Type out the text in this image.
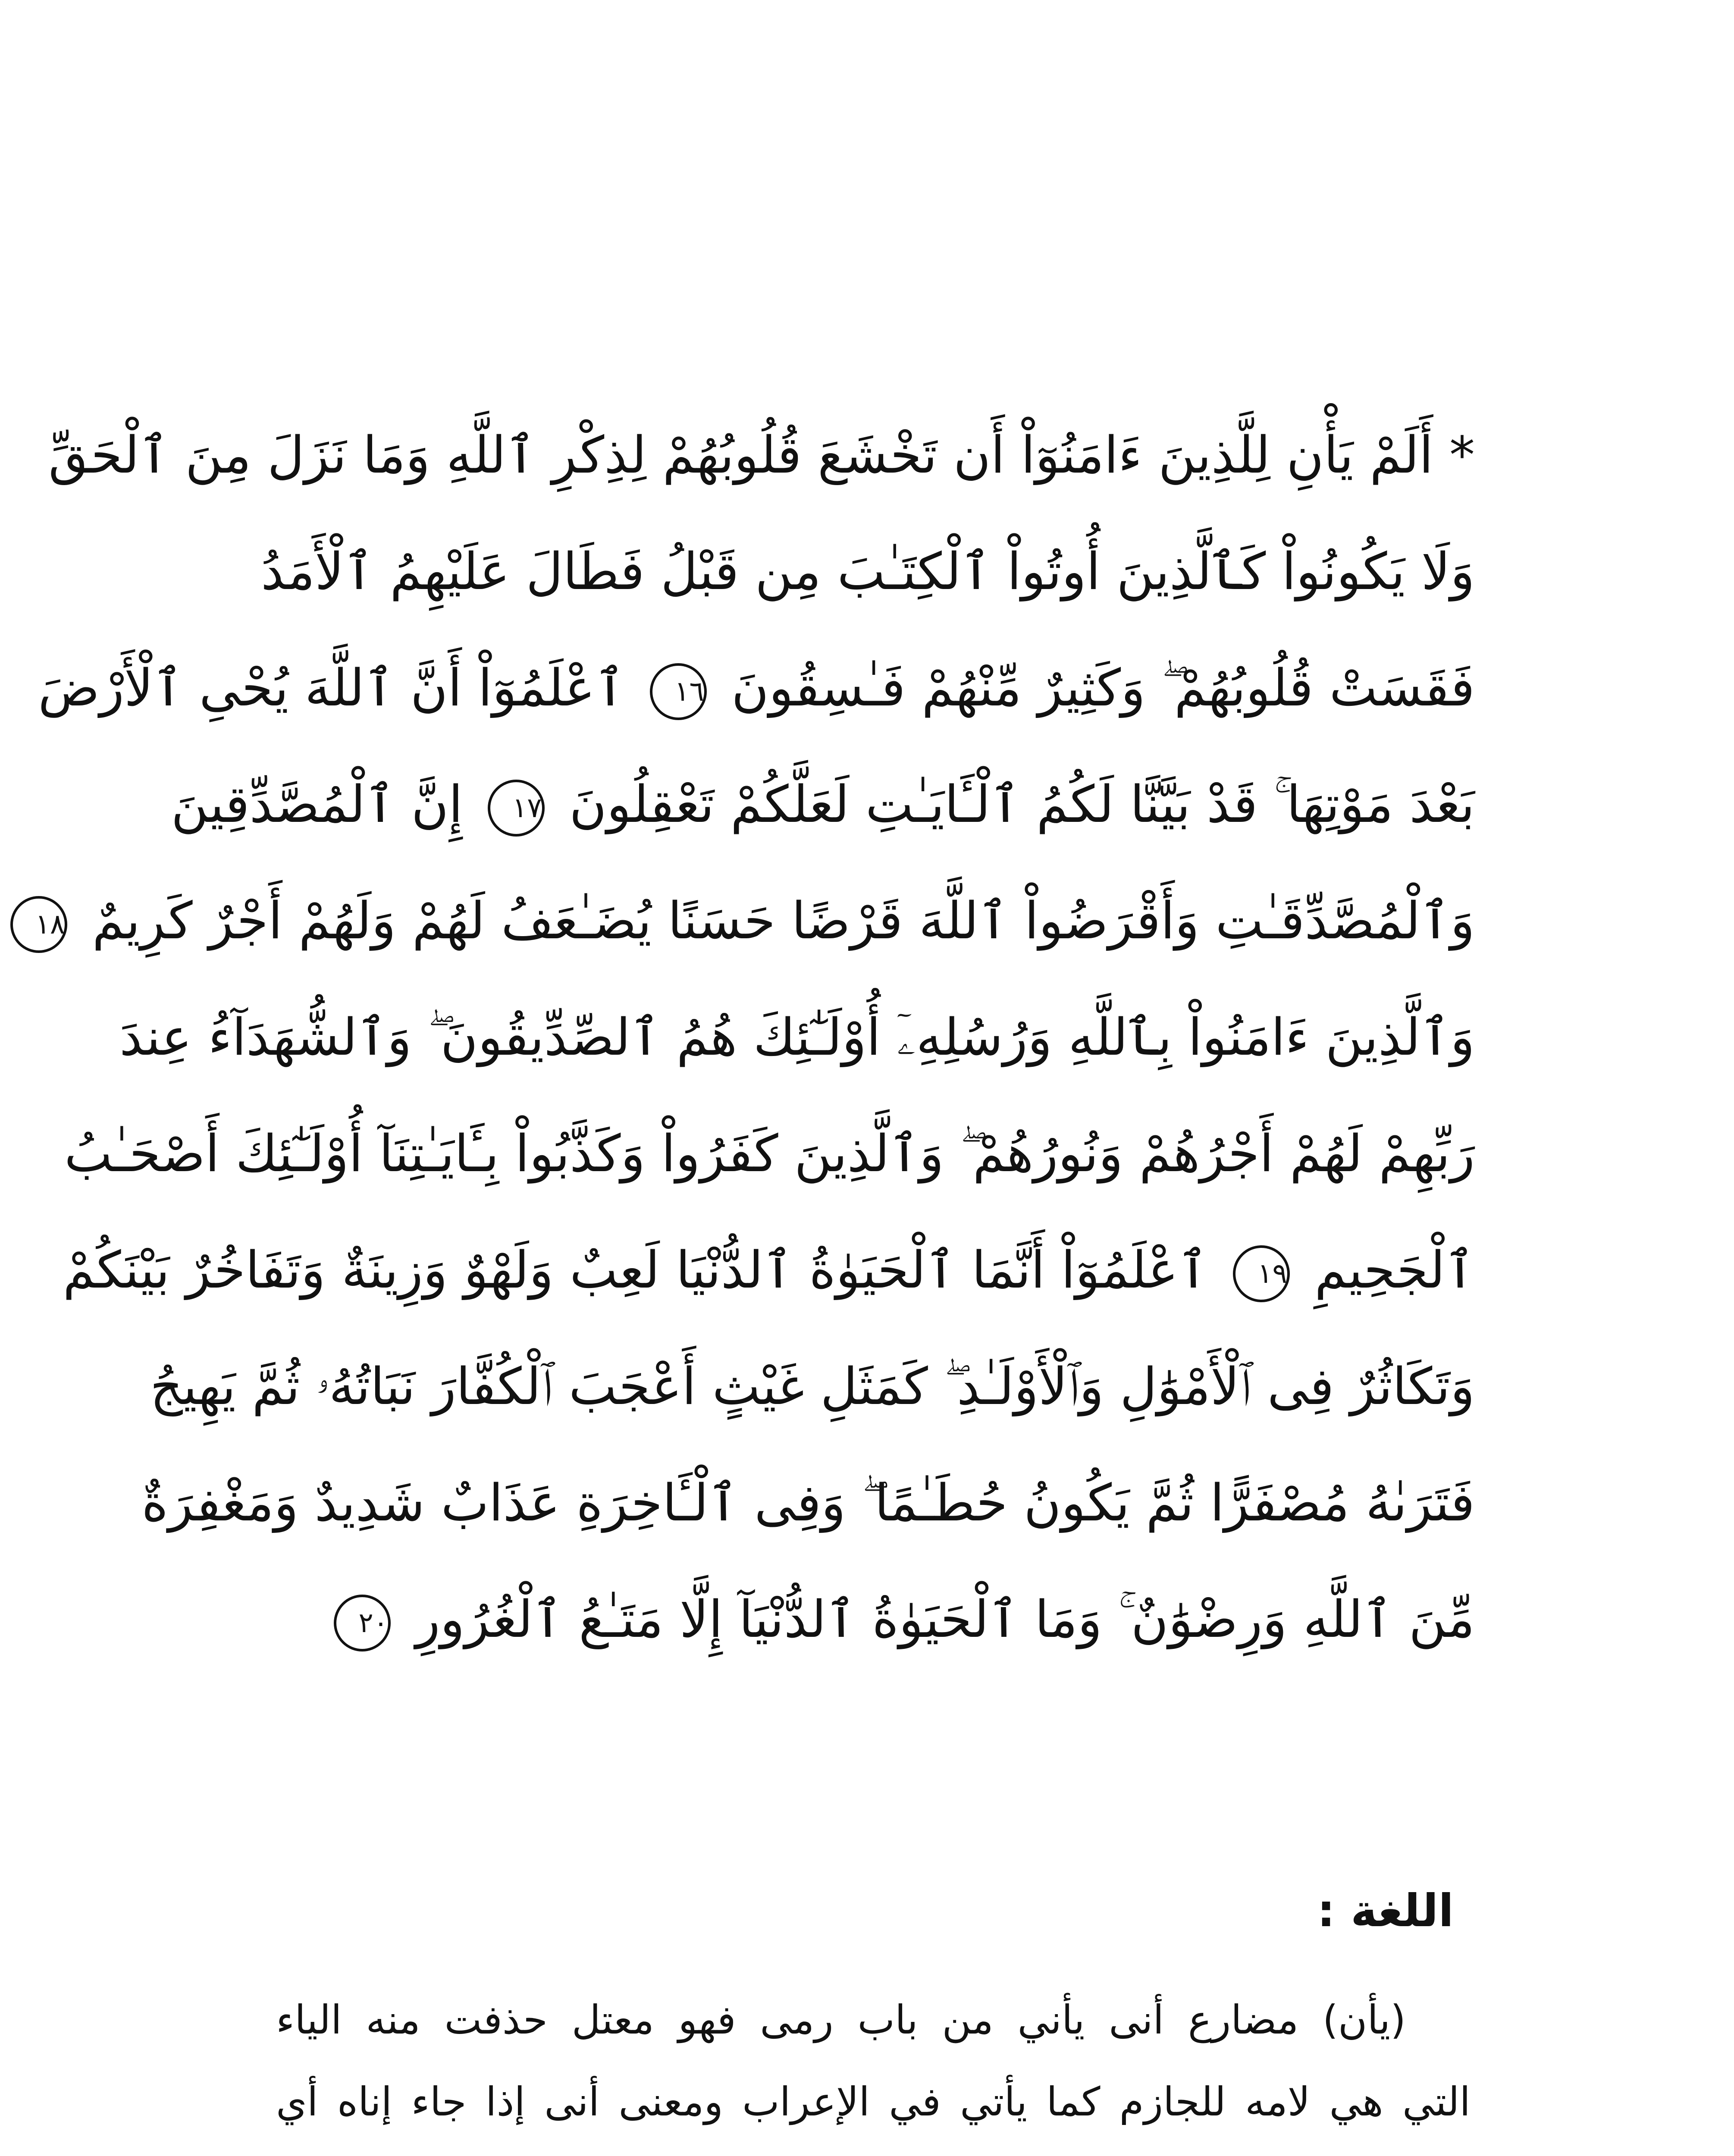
* أَلَمْ يَأْنِ لِلَّذِينَ ءَامَنُوٓاْ أَن تَخْشَعَ قُلُوبُهُمْ لِذِكْرِ ٱللَّهِ وَمَا نَزَلَ مِنَ ٱلْحَقِّ
وَلَا يَكُونُواْ كَٱلَّذِينَ أُوتُواْ ٱلْكِتَـٰبَ مِن قَبْلُ فَطَالَ عَلَيْهِمُ ٱلْأَمَدُ
فَقَسَتْ قُلُوبُهُمْ ۖ وَكَثِيرٌ مِّنْهُمْ فَـٰسِقُونَ ١٦ ٱعْلَمُوٓاْ أَنَّ ٱللَّهَ يُحْىِ ٱلْأَرْضَ
بَعْدَ مَوْتِهَا ۚ قَدْ بَيَّنَّا لَكُمُ ٱلْـَٔايَـٰتِ لَعَلَّكُمْ تَعْقِلُونَ ١٧ إِنَّ ٱلْمُصَّدِّقِينَ
وَٱلْمُصَّدِّقَـٰتِ وَأَقْرَضُواْ ٱللَّهَ قَرْضًا حَسَنًا يُضَـٰعَفُ لَهُمْ وَلَهُمْ أَجْرٌ كَرِيمٌ ١٨
وَٱلَّذِينَ ءَامَنُواْ بِٱللَّهِ وَرُسُلِهِۦٓ أُوْلَـٰٓئِكَ هُمُ ٱلصِّدِّيقُونَ ۖ وَٱلشُّهَدَآءُ عِندَ
رَبِّهِمْ لَهُمْ أَجْرُهُمْ وَنُورُهُمْ ۖ وَٱلَّذِينَ كَفَرُواْ وَكَذَّبُواْ بِـَٔايَـٰتِنَآ أُوْلَـٰٓئِكَ أَصْحَـٰبُ
ٱلْجَحِيمِ ١٩ ٱعْلَمُوٓاْ أَنَّمَا ٱلْحَيَوٰةُ ٱلدُّنْيَا لَعِبٌ وَلَهْوٌ وَزِينَةٌ وَتَفَاخُرٌ بَيْنَكُمْ
وَتَكَاثُرٌ فِى ٱلْأَمْوَٰلِ وَٱلْأَوْلَـٰدِ ۖ كَمَثَلِ غَيْثٍ أَعْجَبَ ٱلْكُفَّارَ نَبَاتُهُۥ ثُمَّ يَهِيجُ
فَتَرَىٰهُ مُصْفَرًّا ثُمَّ يَكُونُ حُطَـٰمًا ۖ وَفِى ٱلْـَٔاخِرَةِ عَذَابٌ شَدِيدٌ وَمَغْفِرَةٌ
مِّنَ ٱللَّهِ وَرِضْوَٰنٌ ۚ وَمَا ٱلْحَيَوٰةُ ٱلدُّنْيَآ إِلَّا مَتَـٰعُ ٱلْغُرُورِ ٢٠
اللغة :
(يأن) مضارع أنى يأني من باب رمى فهو معتل حذفت منه الياء
التي هي لامه للجازم كما يأتي في الإعراب ومعنى أنى إذا جاء إناه أي
